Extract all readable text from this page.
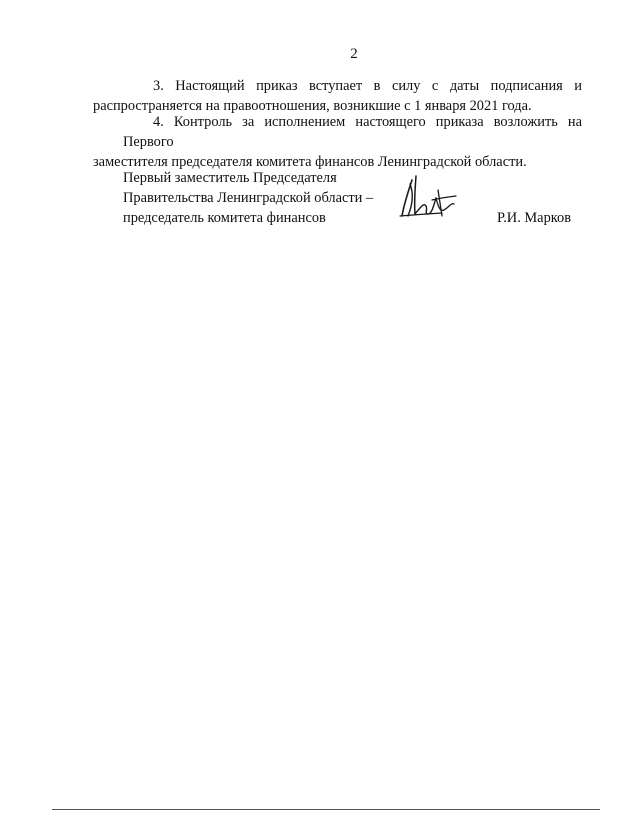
2
3. Настоящий приказ вступает в силу с даты подписания и
распространяется на правоотношения, возникшие с 1 января 2021 года.
4. Контроль за исполнением настоящего приказа возложить на Первого
заместителя председателя комитета финансов Ленинградской области.
Первый заместитель Председателя
Правительства Ленинградской области –
председатель комитета финансов	Р.И. Марков
